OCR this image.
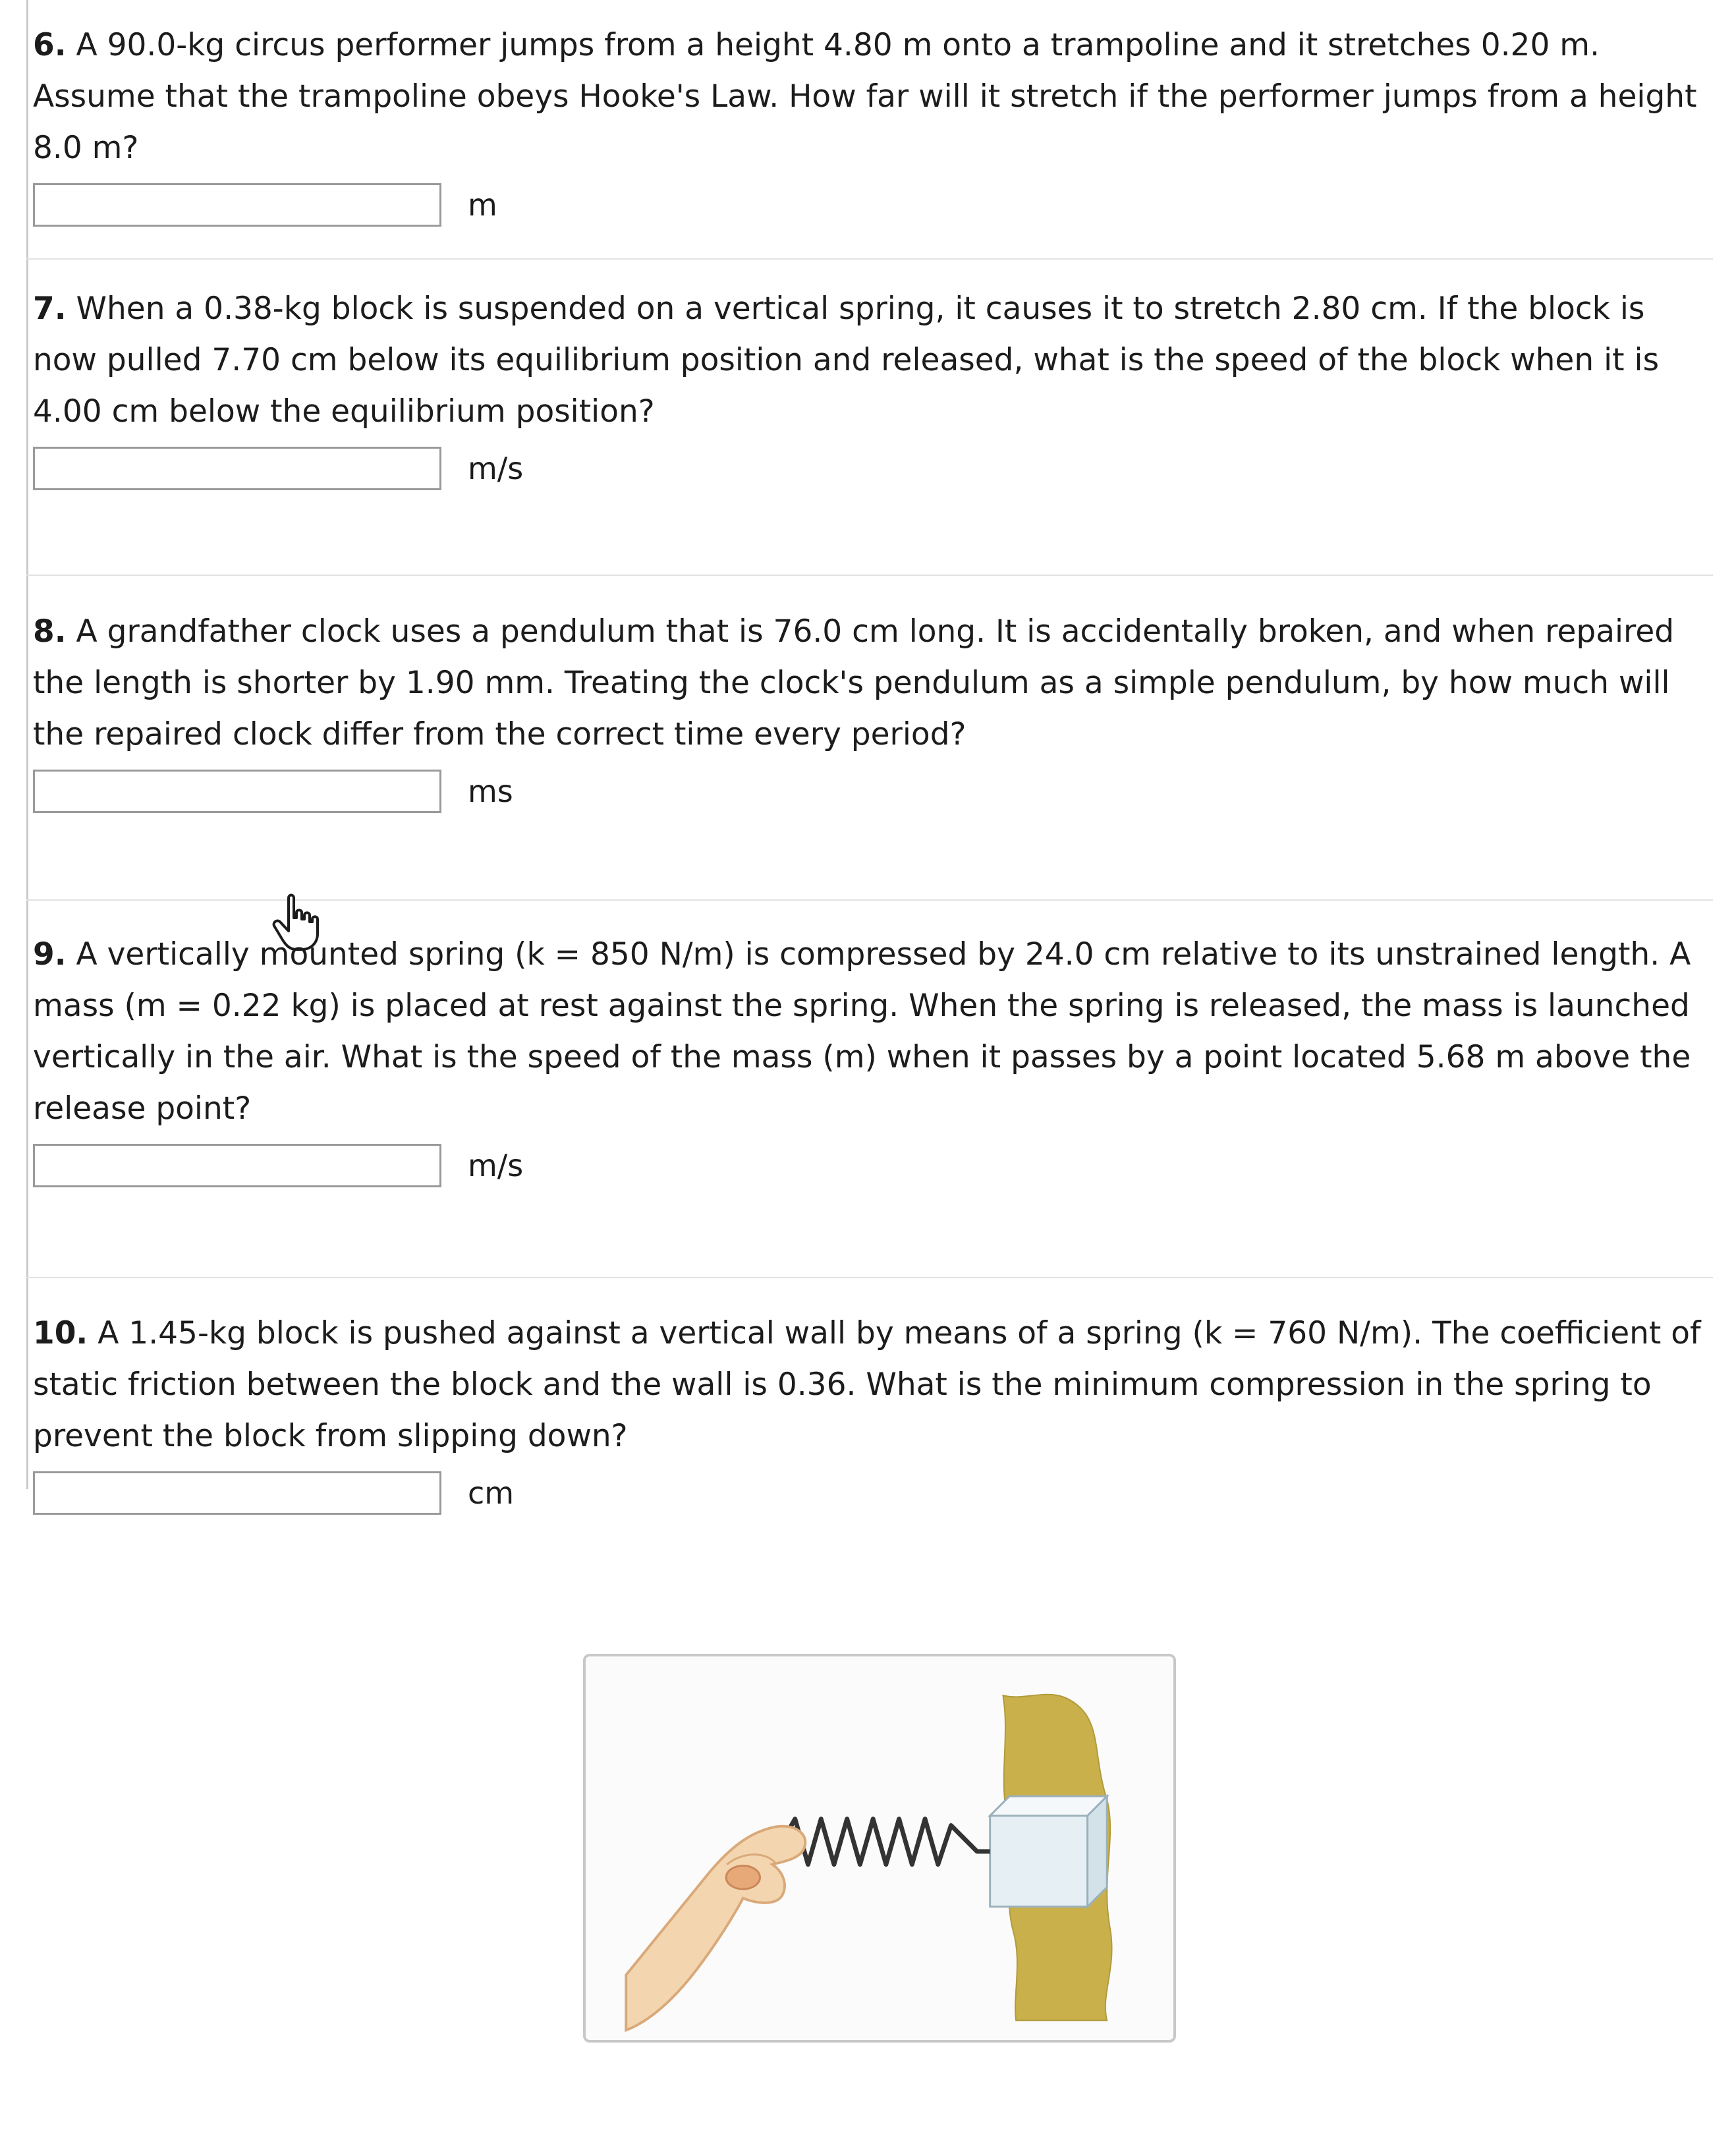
6. A 90.0-kg circus performer jumps from a height 4.80 m onto a trampoline and it stretches 0.20 m. Assume that the trampoline obeys Hooke's Law. How far will it stretch if the performer jumps from a height 8.0 m?

m

7. When a 0.38-kg block is suspended on a vertical spring, it causes it to stretch 2.80 cm. If the block is now pulled 7.70 cm below its equilibrium position and released, what is the speed of the block when it is 4.00 cm below the equilibrium position?

m/s

8. A grandfather clock uses a pendulum that is 76.0 cm long. It is accidentally broken, and when repaired the length is shorter by 1.90 mm. Treating the clock's pendulum as a simple pendulum, by how much will the repaired clock differ from the correct time every period?

ms

9. A vertically mounted spring (k = 850 N/m) is compressed by 24.0 cm relative to its unstrained length. A mass (m = 0.22 kg) is placed at rest against the spring. When the spring is released, the mass is launched vertically in the air. What is the speed of the mass (m) when it passes by a point located 5.68 m above the release point?

m/s

10. A 1.45-kg block is pushed against a vertical wall by means of a spring (k = 760 N/m). The coefficient of static friction between the block and the wall is 0.36. What is the minimum compression in the spring to prevent the block from slipping down?

cm
